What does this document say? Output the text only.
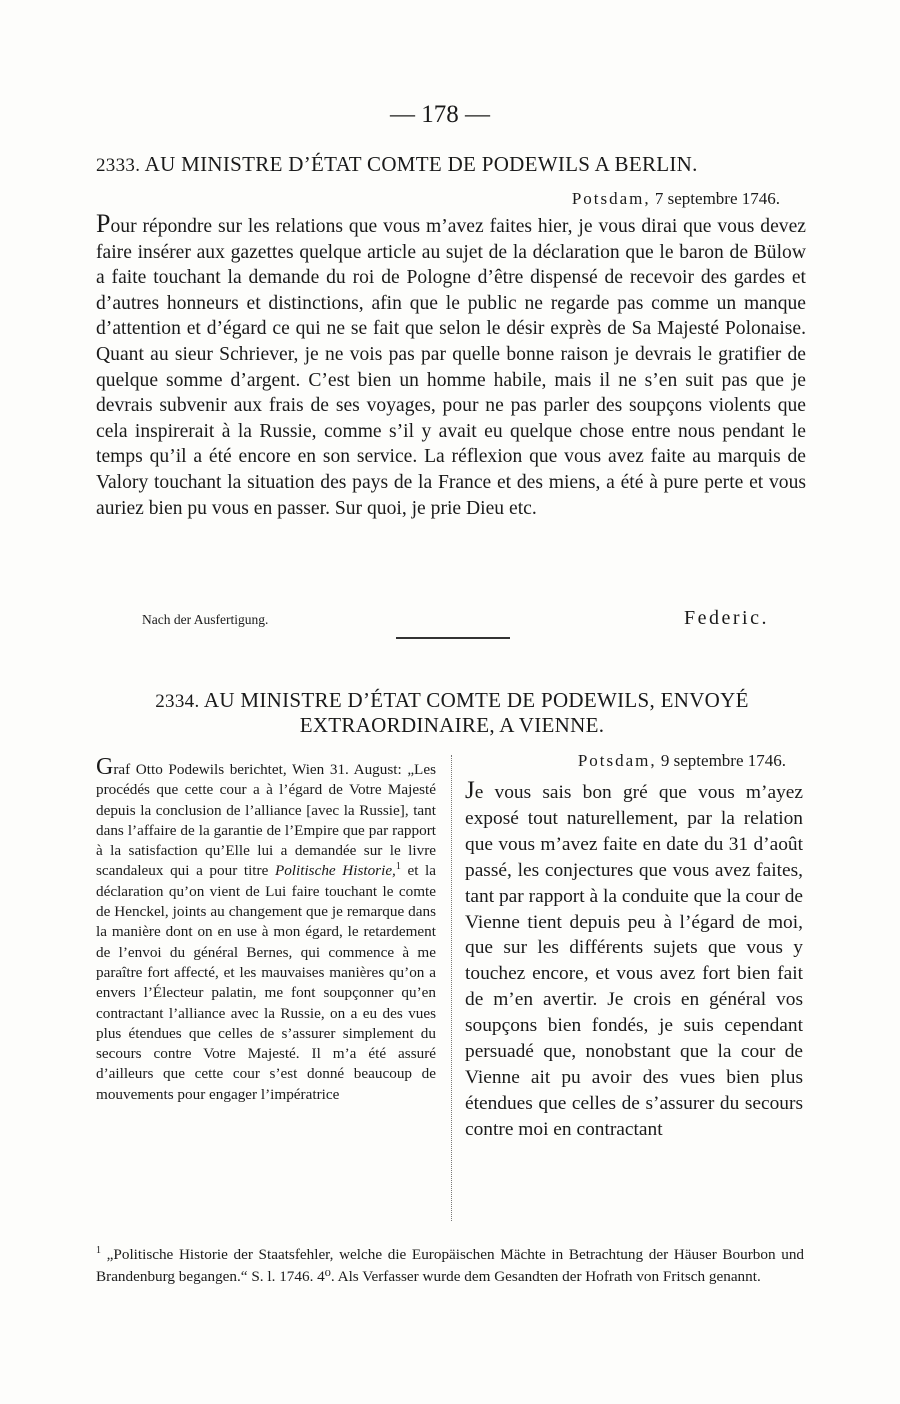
— 178 —
2333. AU MINISTRE D’ÉTAT COMTE DE PODEWILS A BERLIN.
Potsdam, 7 septembre 1746.

Pour répondre sur les relations que vous m’avez faites hier, je vous dirai que vous devez faire insérer aux gazettes quelque article au sujet de la déclaration que le baron de Bülow a faite touchant la demande du roi de Pologne d’être dispensé de recevoir des gardes et d’autres honneurs et distinctions, afin que le public ne regarde pas comme un manque d’attention et d’égard ce qui ne se fait que selon le désir exprès de Sa Majesté Polonaise. Quant au sieur Schriever, je ne vois pas par quelle bonne raison je devrais le gratifier de quelque somme d’argent. C’est bien un homme habile, mais il ne s’en suit pas que je devrais subvenir aux frais de ses voyages, pour ne pas parler des soupçons violents que cela inspirerait à la Russie, comme s’il y avait eu quelque chose entre nous pendant le temps qu’il a été encore en son service. La réflexion que vous avez faite au marquis de Valory touchant la situation des pays de la France et des miens, a été à pure perte et vous auriez bien pu vous en passer. Sur quoi, je prie Dieu etc.

Nach der Ausfertigung.	Federic.
2334. AU MINISTRE D’ÉTAT COMTE DE PODEWILS, ENVOYÉ
EXTRAORDINAIRE, A VIENNE.

Graf Otto Podewils berichtet, Wien 31. August: „Les procédés que cette cour a à l’égard de Votre Majesté depuis la conclusion de l’alliance [avec la Russie], tant dans l’affaire de la garantie de l’Empire que par rapport à la satisfaction qu’Elle lui a demandée sur le livre scandaleux qui a pour titre Politische Historie,$^1$ et la déclaration qu’on vient de Lui faire touchant le comte de Henckel, joints au changement que je remarque dans la manière dont on en use à mon égard, le retardement de l’envoi du général Bernes, qui commence à me paraître fort affecté, et les mauvaises manières qu’on a envers l’Électeur palatin, me font soupçonner qu’en contractant l’alliance avec la Russie, on a eu des vues plus étendues que celles de s’assurer simplement du secours contre Votre Majesté. Il m’a été assuré d’ailleurs que cette cour s’est donné beaucoup de mouvements pour engager l’impératrice

Potsdam, 9 septembre 1746.

Je vous sais bon gré que vous m’ayez exposé tout naturellement, par la relation que vous m’avez faite en date du 31 d’août passé, les conjectures que vous avez faites, tant par rapport à la conduite que la cour de Vienne tient depuis peu à l’égard de moi, que sur les différents sujets que vous y touchez encore, et vous avez fort bien fait de m’en avertir. Je crois en général vos soupçons bien fondés, je suis cependant persuadé que, nonobstant que la cour de Vienne ait pu avoir des vues bien plus étendues que celles de s’assurer du secours contre moi en contractant

$^1$ „Politische Historie der Staatsfehler, welche die Europäischen Mächte in Betrachtung der Häuser Bourbon und Brandenburg begangen.“ S. l. 1746. 4⁰. Als Verfasser wurde dem Gesandten der Hofrath von Fritsch genannt.
